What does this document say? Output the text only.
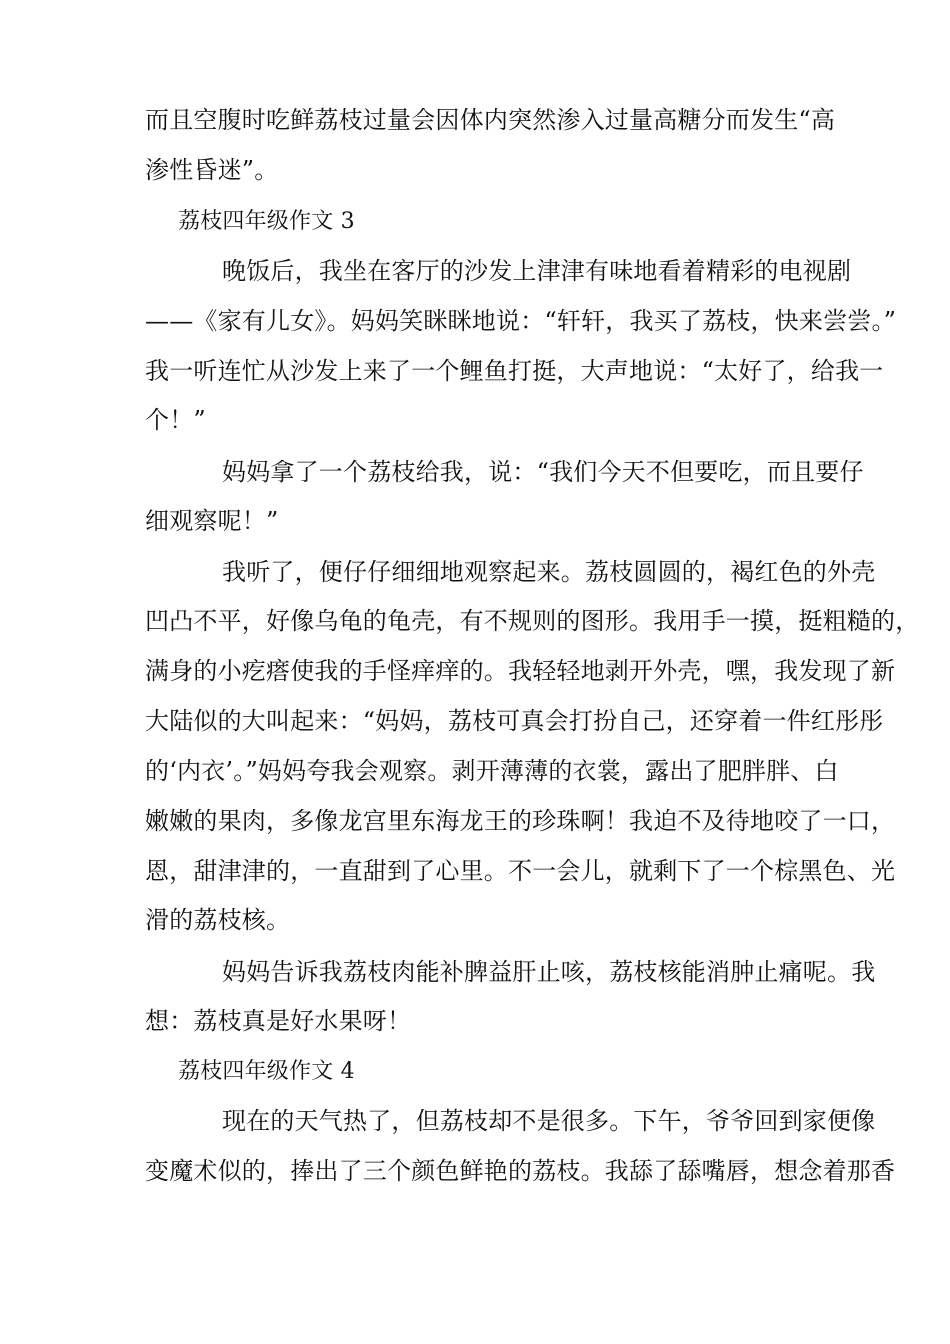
而且空腹时吃鲜荔枝过量会因体内突然渗入过量高糖分而发生“高
渗性昏迷”。
荔枝四年级作文 3
晚饭后，我坐在客厅的沙发上津津有味地看着精彩的电视剧
——《家有儿女》。妈妈笑眯眯地说：“轩轩，我买了荔枝，快来尝尝。”
我一听连忙从沙发上来了一个鲤鱼打挺，大声地说：“太好了，给我一
个！”
妈妈拿了一个荔枝给我，说：“我们今天不但要吃，而且要仔
细观察呢！”
我听了，便仔仔细细地观察起来。荔枝圆圆的，褐红色的外壳
凹凸不平，好像乌龟的龟壳，有不规则的图形。我用手一摸，挺粗糙的，
满身的小疙瘩使我的手怪痒痒的。我轻轻地剥开外壳，嘿，我发现了新
大陆似的大叫起来：“妈妈，荔枝可真会打扮自己，还穿着一件红彤彤
的‘内衣’。”妈妈夸我会观察。剥开薄薄的衣裳，露出了肥胖胖、白
嫩嫩的果肉，多像龙宫里东海龙王的珍珠啊！我迫不及待地咬了一口，
恩，甜津津的，一直甜到了心里。不一会儿，就剩下了一个棕黑色、光
滑的荔枝核。
妈妈告诉我荔枝肉能补脾益肝止咳，荔枝核能消肿止痛呢。我
想：荔枝真是好水果呀！
荔枝四年级作文 4
现在的天气热了，但荔枝却不是很多。下午，爷爷回到家便像
变魔术似的，捧出了三个颜色鲜艳的荔枝。我舔了舔嘴唇，想念着那香
